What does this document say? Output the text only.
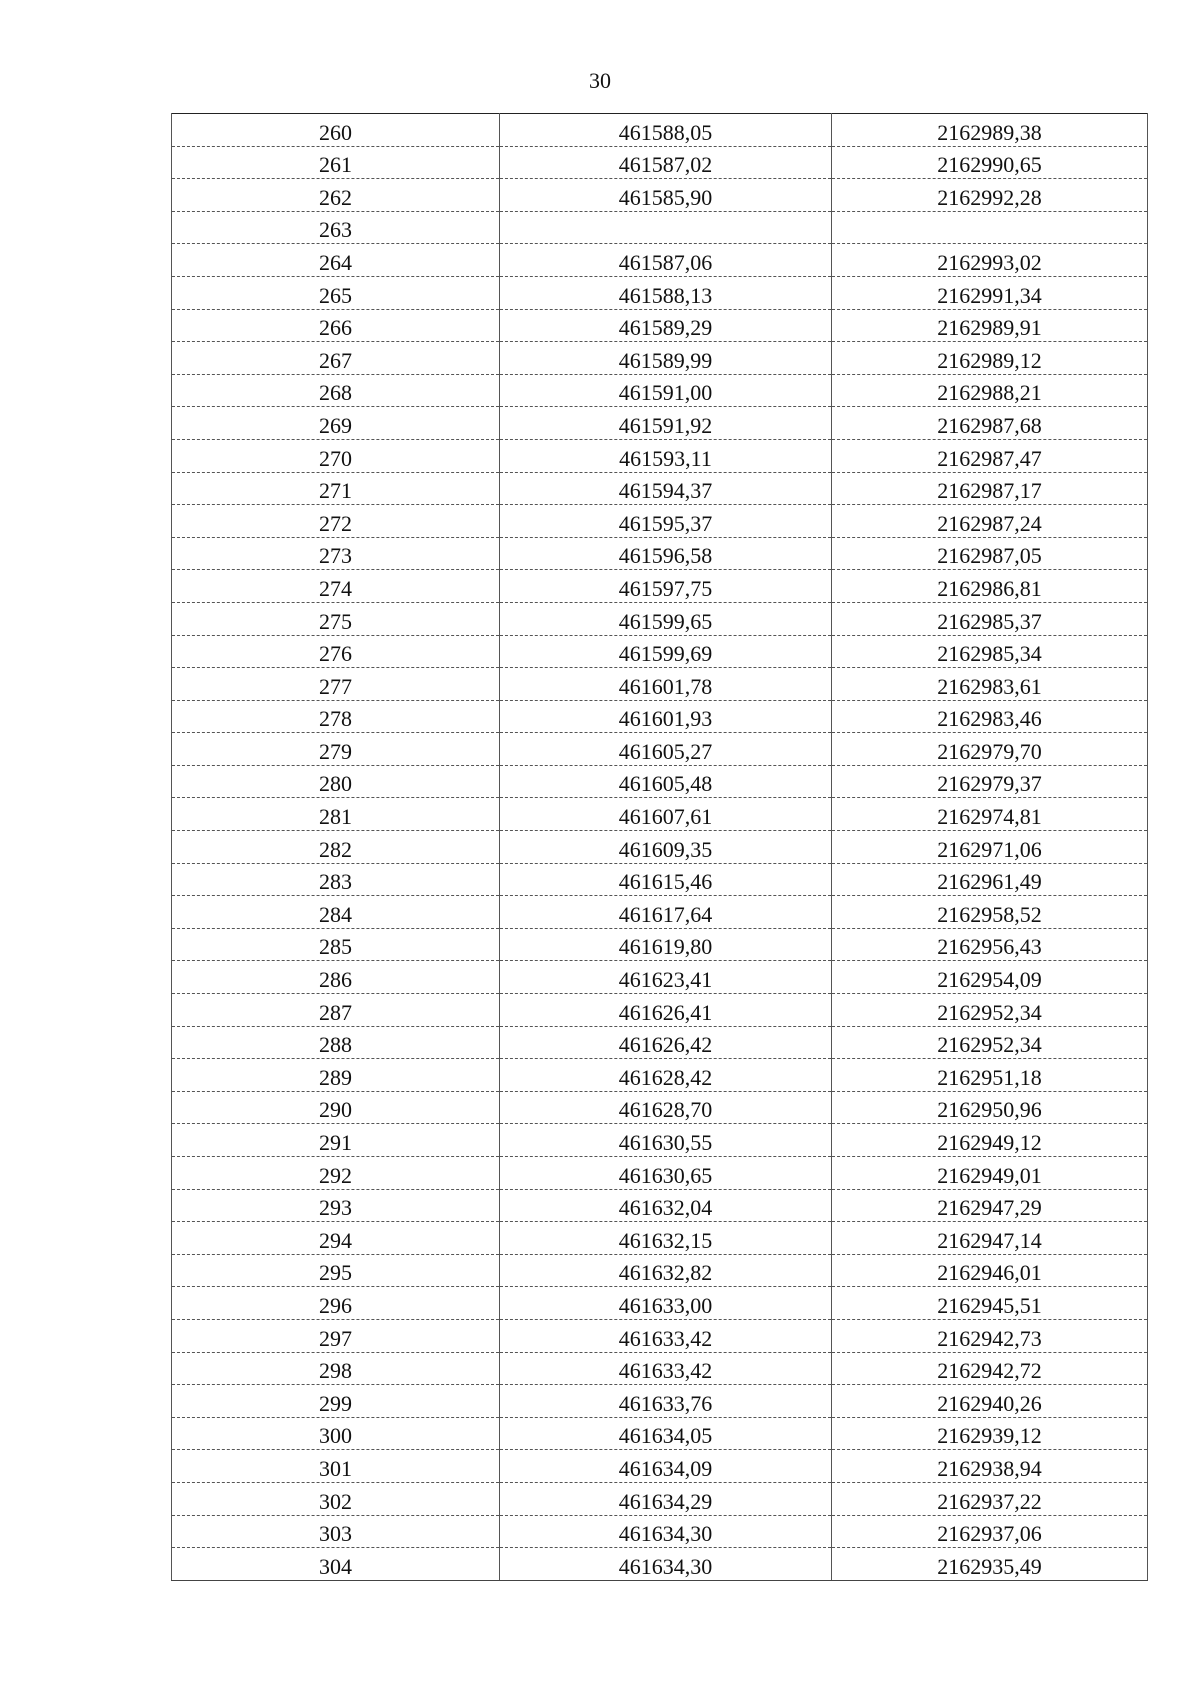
30
260	461588,05	2162989,38
261	461587,02	2162990,65
262	461585,90	2162992,28
263		
264	461587,06	2162993,02
265	461588,13	2162991,34
266	461589,29	2162989,91
267	461589,99	2162989,12
268	461591,00	2162988,21
269	461591,92	2162987,68
270	461593,11	2162987,47
271	461594,37	2162987,17
272	461595,37	2162987,24
273	461596,58	2162987,05
274	461597,75	2162986,81
275	461599,65	2162985,37
276	461599,69	2162985,34
277	461601,78	2162983,61
278	461601,93	2162983,46
279	461605,27	2162979,70
280	461605,48	2162979,37
281	461607,61	2162974,81
282	461609,35	2162971,06
283	461615,46	2162961,49
284	461617,64	2162958,52
285	461619,80	2162956,43
286	461623,41	2162954,09
287	461626,41	2162952,34
288	461626,42	2162952,34
289	461628,42	2162951,18
290	461628,70	2162950,96
291	461630,55	2162949,12
292	461630,65	2162949,01
293	461632,04	2162947,29
294	461632,15	2162947,14
295	461632,82	2162946,01
296	461633,00	2162945,51
297	461633,42	2162942,73
298	461633,42	2162942,72
299	461633,76	2162940,26
300	461634,05	2162939,12
301	461634,09	2162938,94
302	461634,29	2162937,22
303	461634,30	2162937,06
304	461634,30	2162935,49
